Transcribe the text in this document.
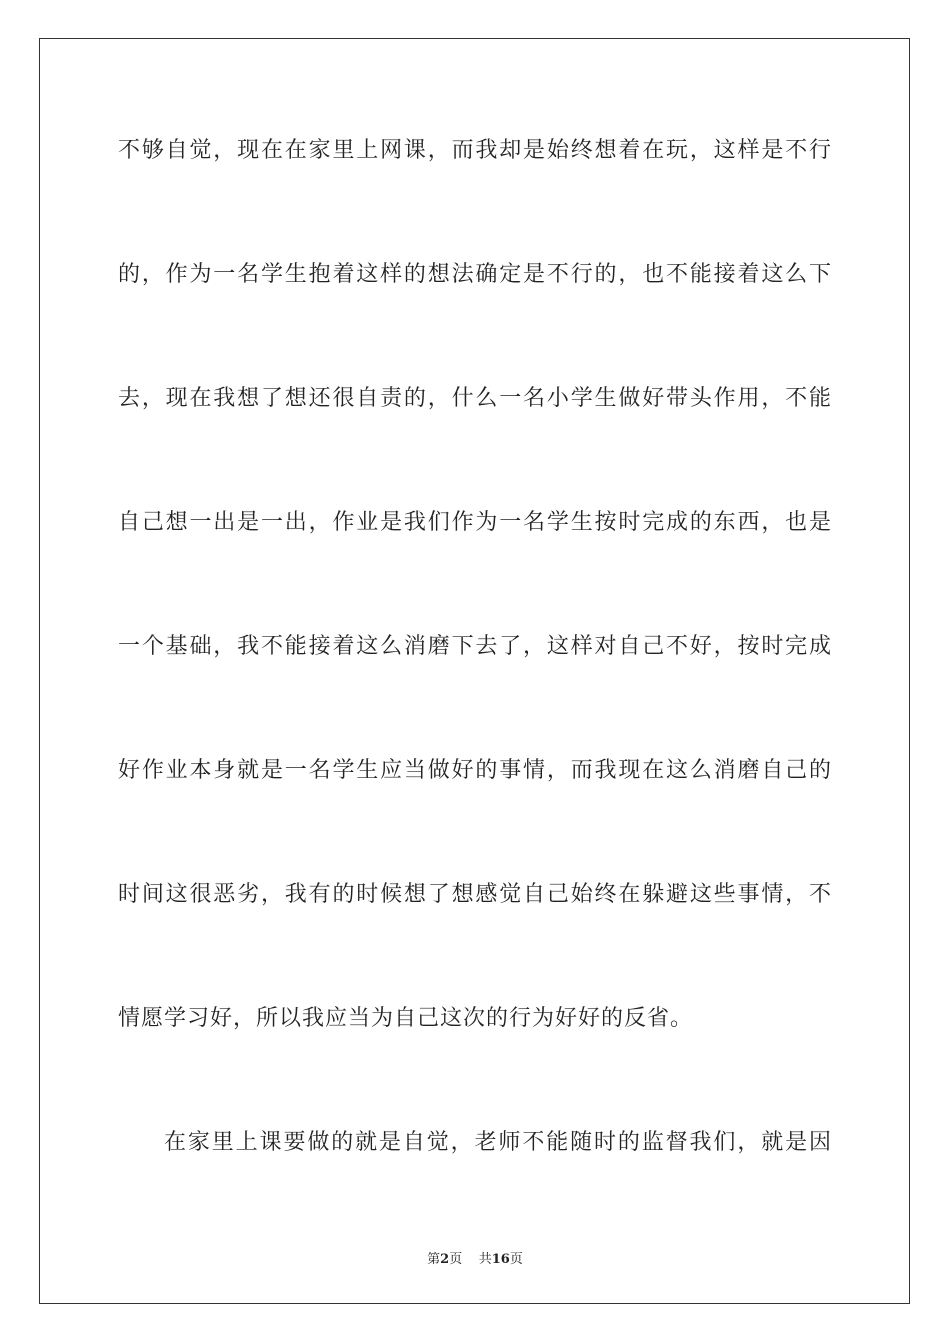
不够自觉，现在在家里上网课，而我却是始终想着在玩，这样是不行
的，作为一名学生抱着这样的想法确定是不行的，也不能接着这么下
去，现在我想了想还很自责的，什么一名小学生做好带头作用，不能
自己想一出是一出，作业是我们作为一名学生按时完成的东西，也是
一个基础，我不能接着这么消磨下去了，这样对自己不好，按时完成
好作业本身就是一名学生应当做好的事情，而我现在这么消磨自己的
时间这很恶劣，我有的时候想了想感觉自己始终在躲避这些事情，不
情愿学习好，所以我应当为自己这次的行为好好的反省。
在家里上课要做的就是自觉，老师不能随时的监督我们，就是因
第2页 共16页
